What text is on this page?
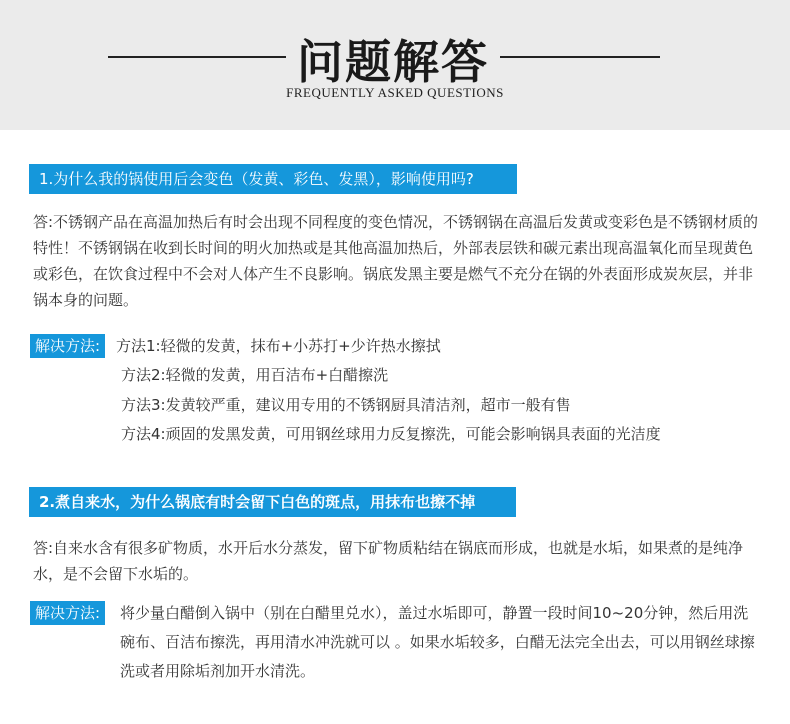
问题解答
FREQUENTLY ASKED QUESTIONS
1.为什么我的锅使用后会变色（发黄、彩色、发黑），影响使用吗?
答:不锈钢产品在高温加热后有时会出现不同程度的变色情况，不锈钢锅在高温后发黄或变彩色是不锈钢材质的特性！不锈钢锅在收到长时间的明火加热或是其他高温加热后，外部表层铁和碳元素出现高温氧化而呈现黄色或彩色，在饮食过程中不会对人体产生不良影响。锅底发黑主要是燃气不充分在锅的外表面形成炭灰层，并非锅本身的问题。
解决方法:	方法1:轻微的发黄，抹布+小苏打+少许热水擦拭
方法2:轻微的发黄，用百洁布+白醋擦洗
方法3:发黄较严重，建议用专用的不锈钢厨具清洁剂，超市一般有售
方法4:顽固的发黑发黄，可用钢丝球用力反复擦洗，可能会影响锅具表面的光洁度
2.煮自来水，为什么锅底有时会留下白色的斑点，用抹布也擦不掉
答:自来水含有很多矿物质，水开后水分蒸发，留下矿物质粘结在锅底而形成，也就是水垢，如果煮的是纯净水，是不会留下水垢的。
解决方法:	将少量白醋倒入锅中（别在白醋里兑水），盖过水垢即可，静置一段时间10~20分钟，然后用洗碗布、百洁布擦洗，再用清水冲洗就可以 。如果水垢较多，白醋无法完全出去，可以用钢丝球擦洗或者用除垢剂加开水清洗。
